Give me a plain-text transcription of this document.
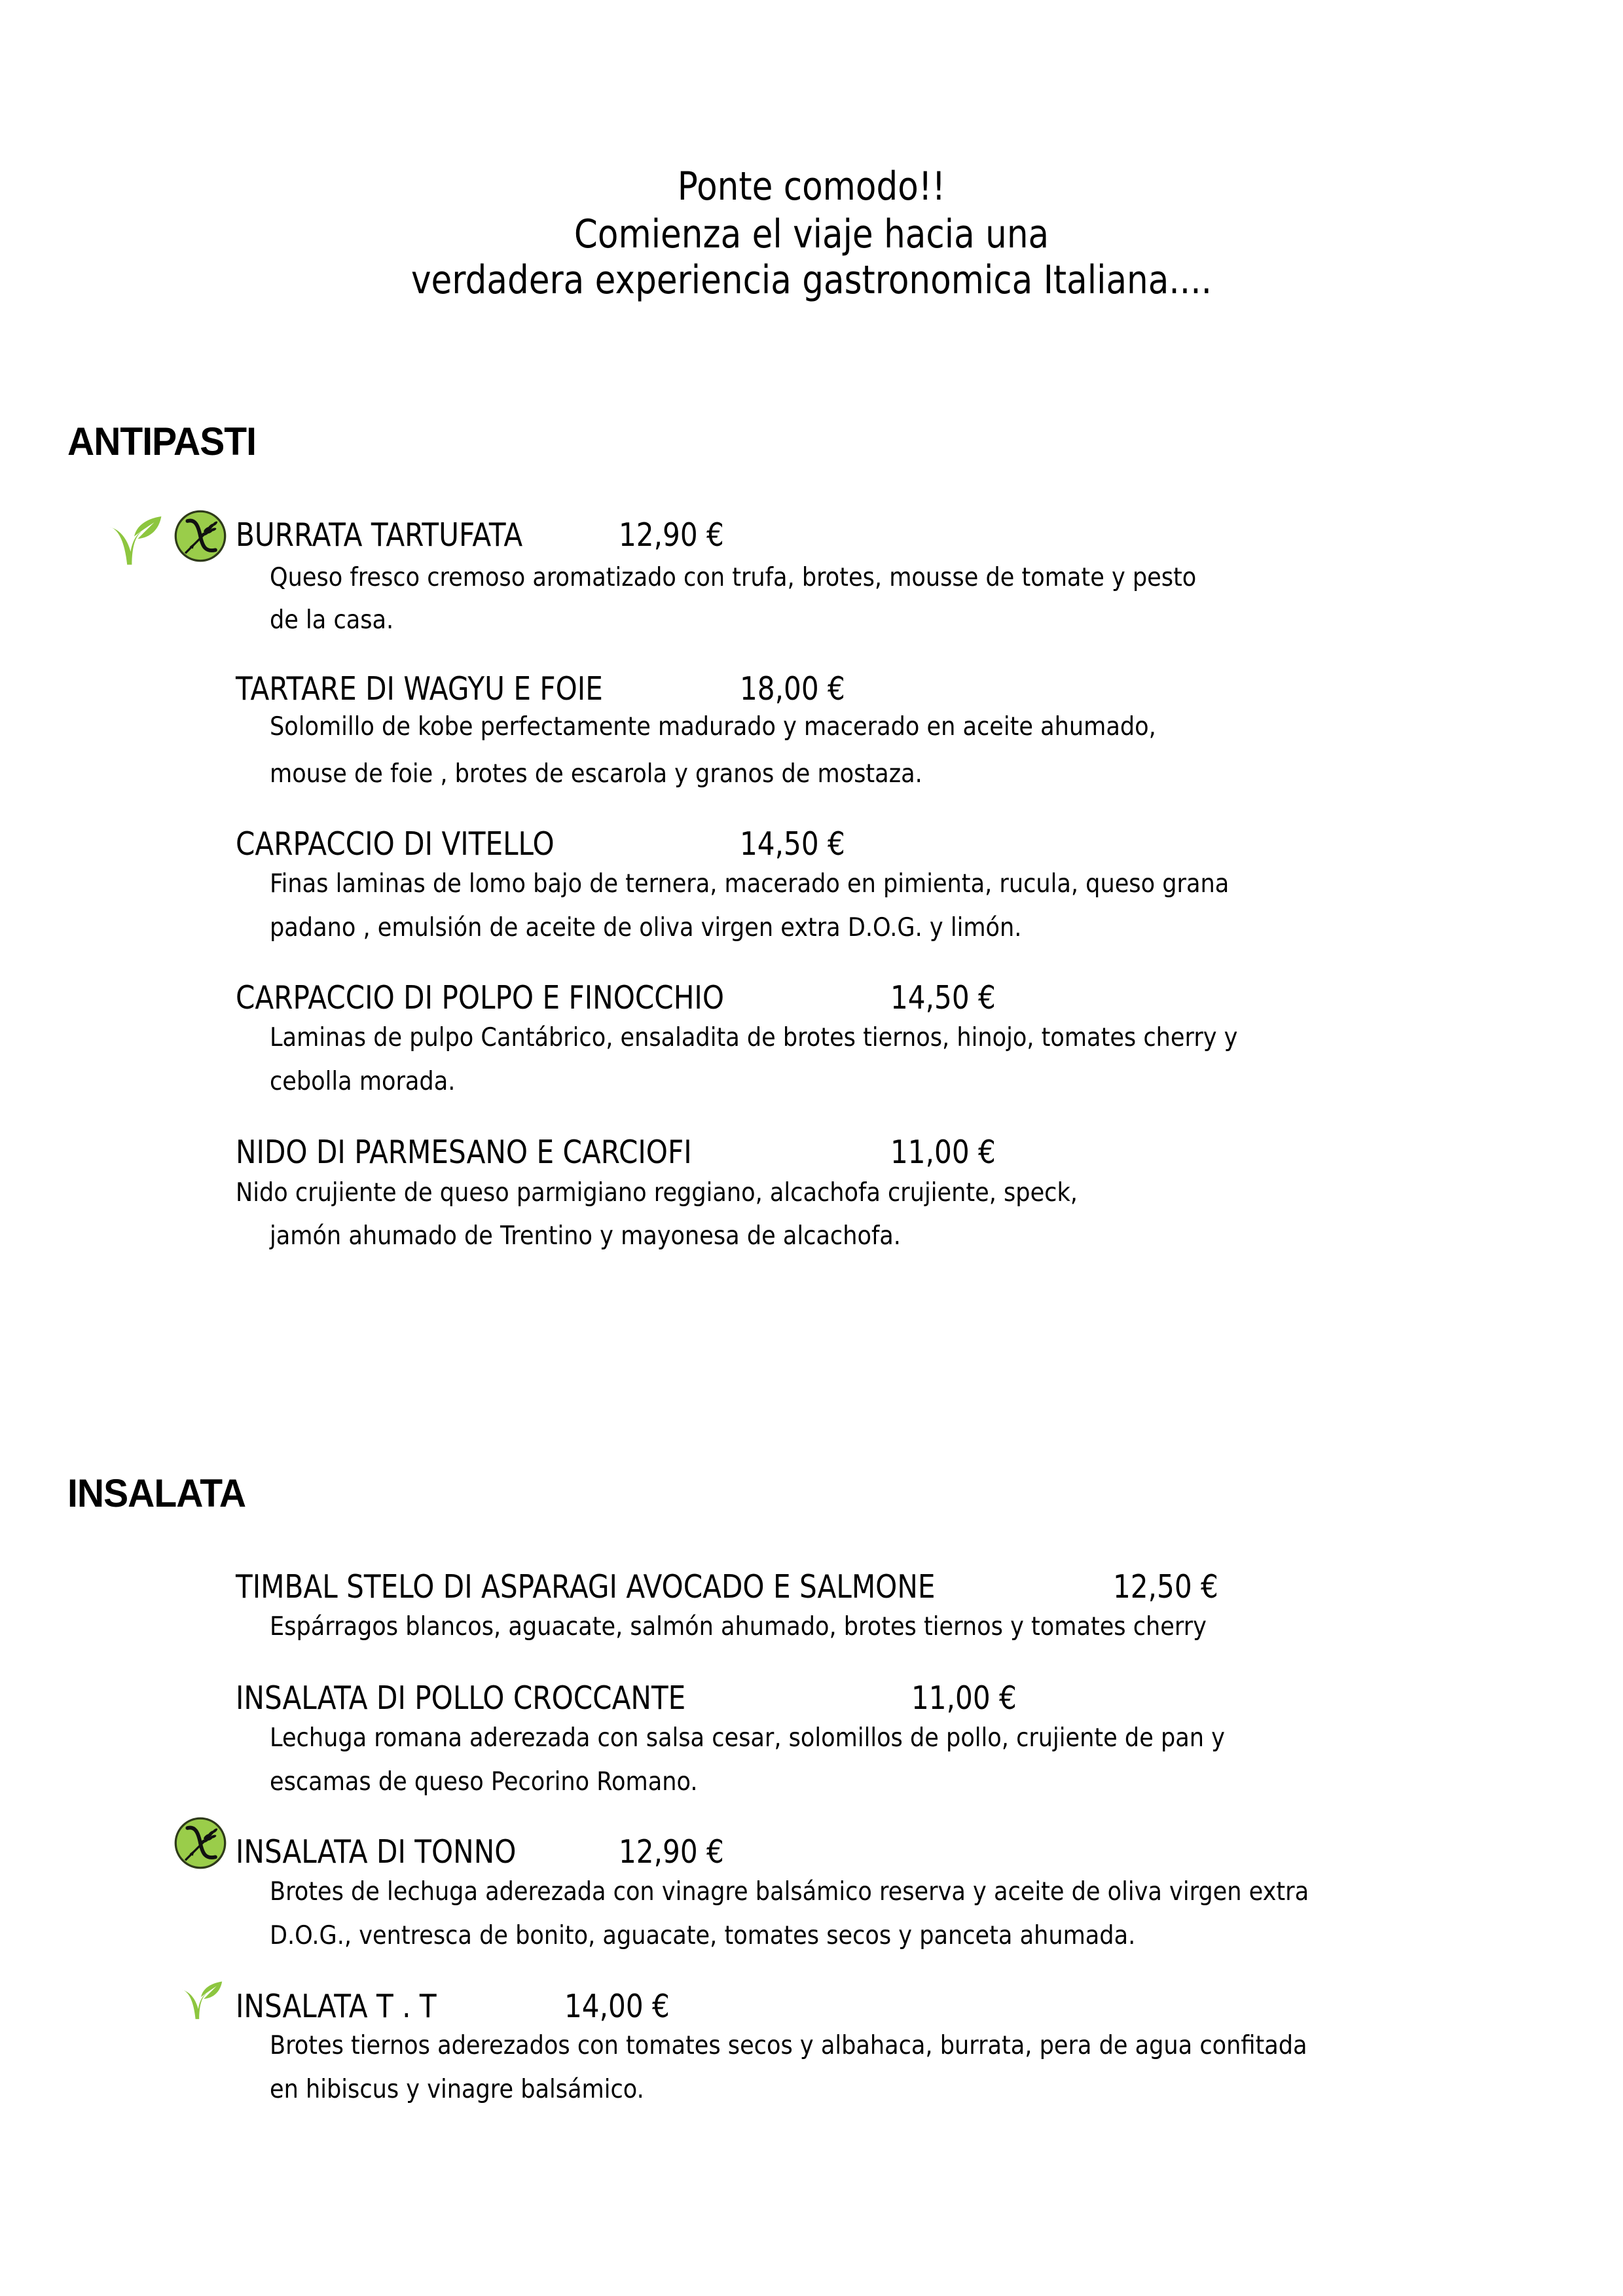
Ponte comodo!!
Comienza el viaje hacia una
verdadera experiencia gastronomica Italiana....
ANTIPASTI
BURRATA TARTUFATA	12,90 €
Queso fresco cremoso aromatizado con trufa, brotes, mousse de tomate y pesto
de la casa.
TARTARE DI WAGYU E FOIE	18,00 €
Solomillo de kobe perfectamente madurado y macerado en aceite ahumado,
mouse de foie , brotes de escarola y granos de mostaza.
CARPACCIO DI VITELLO	14,50 €
Finas laminas de lomo bajo de ternera, macerado en pimienta, rucula, queso grana
padano , emulsión de aceite de oliva virgen extra D.O.G. y limón.
CARPACCIO DI POLPO E FINOCCHIO	14,50 €
Laminas de pulpo Cantábrico, ensaladita de brotes tiernos, hinojo, tomates cherry y
cebolla morada.
NIDO DI PARMESANO E CARCIOFI	11,00 €
Nido crujiente de queso parmigiano reggiano, alcachofa crujiente, speck,
jamón ahumado de Trentino y mayonesa de alcachofa.
INSALATA
TIMBAL STELO DI ASPARAGI AVOCADO E SALMONE	12,50 €
Espárragos blancos, aguacate, salmón ahumado, brotes tiernos y tomates cherry
INSALATA DI POLLO CROCCANTE	11,00 €
Lechuga romana aderezada con salsa cesar, solomillos de pollo, crujiente de pan y
escamas de queso Pecorino Romano.
INSALATA DI TONNO	12,90 €
Brotes de lechuga aderezada con vinagre balsámico reserva y aceite de oliva virgen extra
D.O.G., ventresca de bonito, aguacate, tomates secos y panceta ahumada.
INSALATA T . T	14,00 €
Brotes tiernos aderezados con tomates secos y albahaca, burrata, pera de agua confitada
en hibiscus y vinagre balsámico.
